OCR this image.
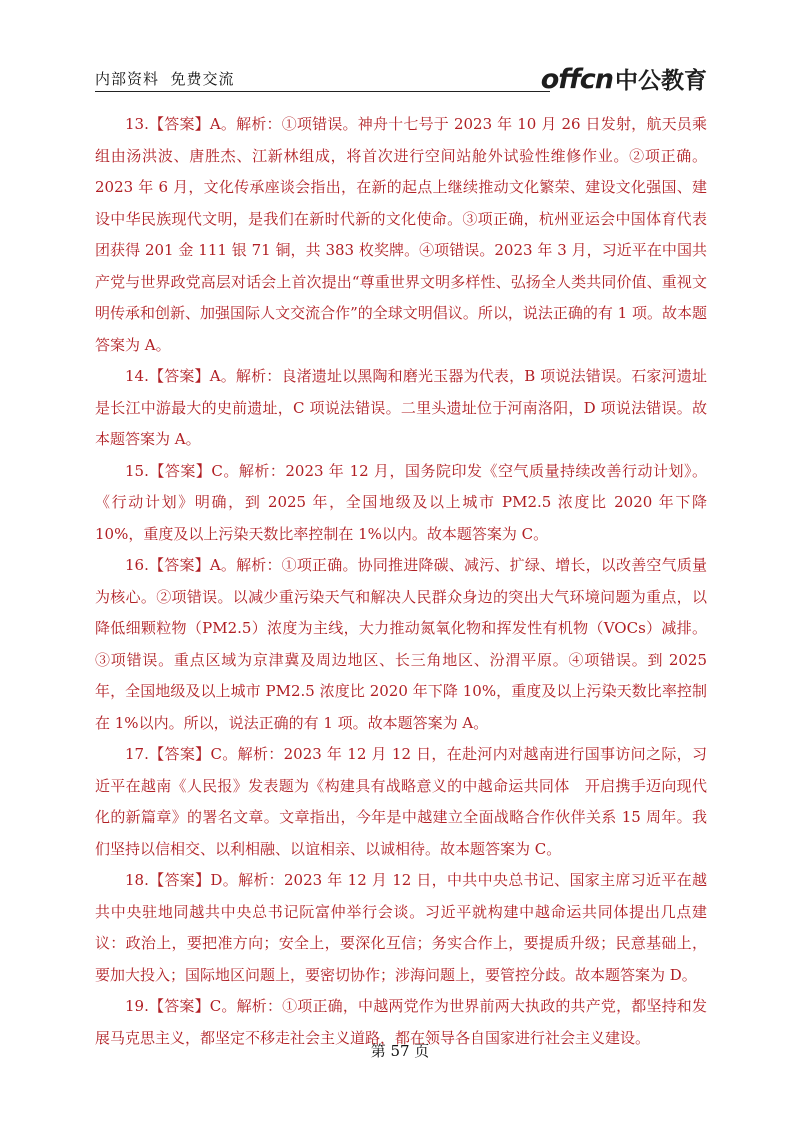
内部资料  免费交流	offcn 中公教育

13.【答案】A。解析：①项错误。神舟十七号于 2023 年 10 月 26 日发射，航天员乘组由汤洪波、唐胜杰、江新林组成，将首次进行空间站舱外试验性维修作业。②项正确。2023 年 6 月，文化传承座谈会指出，在新的起点上继续推动文化繁荣、建设文化强国、建设中华民族现代文明，是我们在新时代新的文化使命。③项正确，杭州亚运会中国体育代表团获得 201 金 111 银 71 铜，共 383 枚奖牌。④项错误。2023 年 3 月，习近平在中国共产党与世界政党高层对话会上首次提出“尊重世界文明多样性、弘扬全人类共同价值、重视文明传承和创新、加强国际人文交流合作”的全球文明倡议。所以，说法正确的有 1 项。故本题答案为 A。

14.【答案】A。解析：良渚遗址以黑陶和磨光玉器为代表，B 项说法错误。石家河遗址是长江中游最大的史前遗址，C 项说法错误。二里头遗址位于河南洛阳，D 项说法错误。故本题答案为 A。

15.【答案】C。解析：2023 年 12 月，国务院印发《空气质量持续改善行动计划》。《行动计划》明确，到 2025 年，全国地级及以上城市 PM2.5 浓度比 2020 年下降 10%，重度及以上污染天数比率控制在 1%以内。故本题答案为 C。

16.【答案】A。解析：①项正确。协同推进降碳、减污、扩绿、增长，以改善空气质量为核心。②项错误。以减少重污染天气和解决人民群众身边的突出大气环境问题为重点，以降低细颗粒物（PM2.5）浓度为主线，大力推动氮氧化物和挥发性有机物（VOCs）减排。③项错误。重点区域为京津冀及周边地区、长三角地区、汾渭平原。④项错误。到 2025 年，全国地级及以上城市 PM2.5 浓度比 2020 年下降 10%，重度及以上污染天数比率控制在 1%以内。所以，说法正确的有 1 项。故本题答案为 A。

17.【答案】C。解析：2023 年 12 月 12 日，在赴河内对越南进行国事访问之际，习近平在越南《人民报》发表题为《构建具有战略意义的中越命运共同体　开启携手迈向现代化的新篇章》的署名文章。文章指出，今年是中越建立全面战略合作伙伴关系 15 周年。我们坚持以信相交、以利相融、以谊相亲、以诚相待。故本题答案为 C。

18.【答案】D。解析：2023 年 12 月 12 日，中共中央总书记、国家主席习近平在越共中央驻地同越共中央总书记阮富仲举行会谈。习近平就构建中越命运共同体提出几点建议：政治上，要把准方向；安全上，要深化互信；务实合作上，要提质升级；民意基础上，要加大投入；国际地区问题上，要密切协作；涉海问题上，要管控分歧。故本题答案为 D。

19.【答案】C。解析：①项正确，中越两党作为世界前两大执政的共产党，都坚持和发展马克思主义，都坚定不移走社会主义道路，都在领导各自国家进行社会主义建设。

第 57 页
